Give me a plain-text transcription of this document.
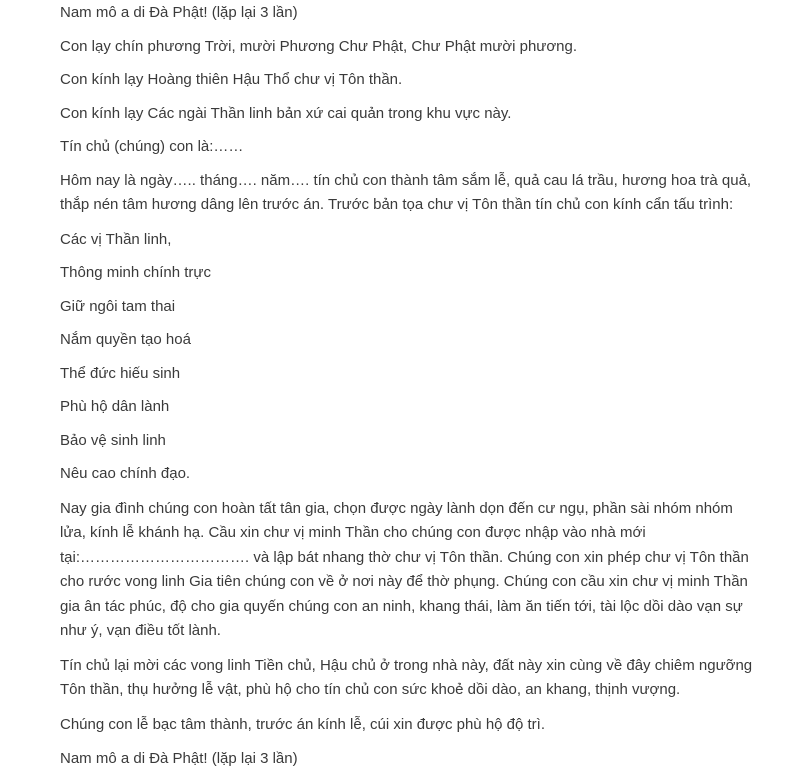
Nam mô a di Đà Phật! (lặp lại 3 lần)

Con lạy chín phương Trời, mười Phương Chư Phật, Chư Phật mười phương.

Con kính lạy Hoàng thiên Hậu Thổ chư vị Tôn thần.

Con kính lạy Các ngài Thần linh bản xứ cai quản trong khu vực này.

Tín chủ (chúng) con là:……

Hôm nay là ngày….. tháng…. năm…. tín chủ con thành tâm sắm lễ, quả cau lá trầu, hương hoa trà quả, thắp nén tâm hương dâng lên trước án. Trước bản tọa chư vị Tôn thần tín chủ con kính cẩn tấu trình:

Các vị Thần linh,

Thông minh chính trực

Giữ ngôi tam thai

Nắm quyền tạo hoá

Thể đức hiếu sinh

Phù hộ dân lành

Bảo vệ sinh linh

Nêu cao chính đạo.

Nay gia đình chúng con hoàn tất tân gia, chọn được ngày lành dọn đến cư ngụ, phần sài nhóm nhóm lửa, kính lễ khánh hạ. Cầu xin chư vị minh Thần cho chúng con được nhập vào nhà mới tại:……………………………. và lập bát nhang thờ chư vị Tôn thần. Chúng con xin phép chư vị Tôn thần cho rước vong linh Gia tiên chúng con về ở nơi này để thờ phụng. Chúng con cầu xin chư vị minh Thần gia ân tác phúc, độ cho gia quyến chúng con an ninh, khang thái, làm ăn tiến tới, tài lộc dồi dào vạn sự như ý, vạn điều tốt lành.

Tín chủ lại mời các vong linh Tiền chủ, Hậu chủ ở trong nhà này, đất này xin cùng về đây chiêm ngưỡng Tôn thần, thụ hưởng lễ vật, phù hộ cho tín chủ con sức khoẻ dồi dào, an khang, thịnh vượng.

Chúng con lễ bạc tâm thành, trước án kính lễ, cúi xin được phù hộ độ trì.

Nam mô a di Đà Phật! (lặp lại 3 lần)
